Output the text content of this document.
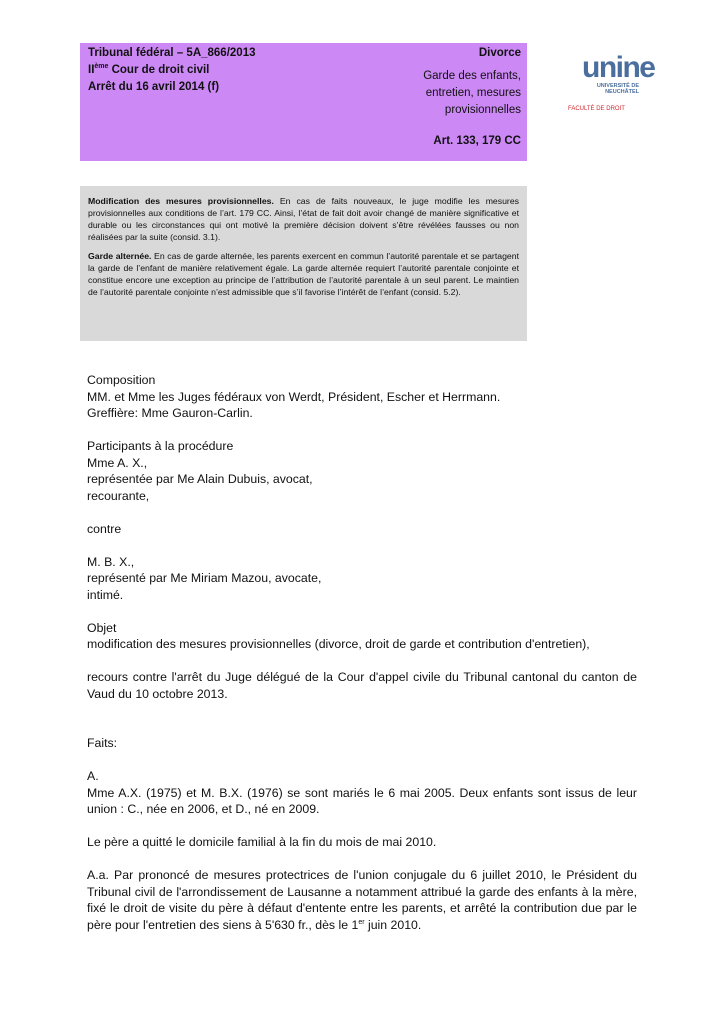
Tribunal fédéral – 5A_866/2013
IIème Cour de droit civil
Arrêt du 16 avril 2014 (f)
Divorce
Garde des enfants,
entretien, mesures
provisionnelles
Art. 133, 179 CC
unine
UNIVERSITÉ DE
NEUCHÂTEL
FACULTÉ DE DROIT

Modification des mesures provisionnelles. En cas de faits nouveaux, le juge modifie les mesures provisionnelles aux conditions de l’art. 179 CC. Ainsi, l’état de fait doit avoir changé de manière significative et durable ou les circonstances qui ont motivé la première décision doivent s’être révélées fausses ou non réalisées par la suite (consid. 3.1).

Garde alternée. En cas de garde alternée, les parents exercent en commun l’autorité parentale et se partagent la garde de l’enfant de manière relativement égale. La garde alternée requiert l’autorité parentale conjointe et constitue encore une exception au principe de l’attribution de l’autorité parentale à un seul parent. Le maintien de l’autorité parentale conjointe n’est admissible que s’il favorise l’intérêt de l’enfant (consid. 5.2).

Composition

MM. et Mme les Juges fédéraux von Werdt, Président, Escher et Herrmann.

Greffière: Mme Gauron-Carlin.

Participants à la procédure

Mme A. X.,

représentée par Me Alain Dubuis, avocat,

recourante,

contre

M. B. X.,

représenté par Me Miriam Mazou, avocate,

intimé.

Objet

modification des mesures provisionnelles (divorce, droit de garde et contribution d'entretien),

recours contre l'arrêt du Juge délégué de la Cour d'appel civile du Tribunal cantonal du canton de Vaud du 10 octobre 2013.

Faits:

A.

Mme A.X. (1975) et M. B.X. (1976) se sont mariés le 6 mai 2005. Deux enfants sont issus de leur union : C., née en 2006, et D., né en 2009.

Le père a quitté le domicile familial à la fin du mois de mai 2010.

A.a. Par prononcé de mesures protectrices de l'union conjugale du 6 juillet 2010, le Président du Tribunal civil de l'arrondissement de Lausanne a notamment attribué la garde des enfants à la mère, fixé le droit de visite du père à défaut d'entente entre les parents, et arrêté la contribution due par le père pour l'entretien des siens à 5'630 fr., dès le 1er juin 2010.
